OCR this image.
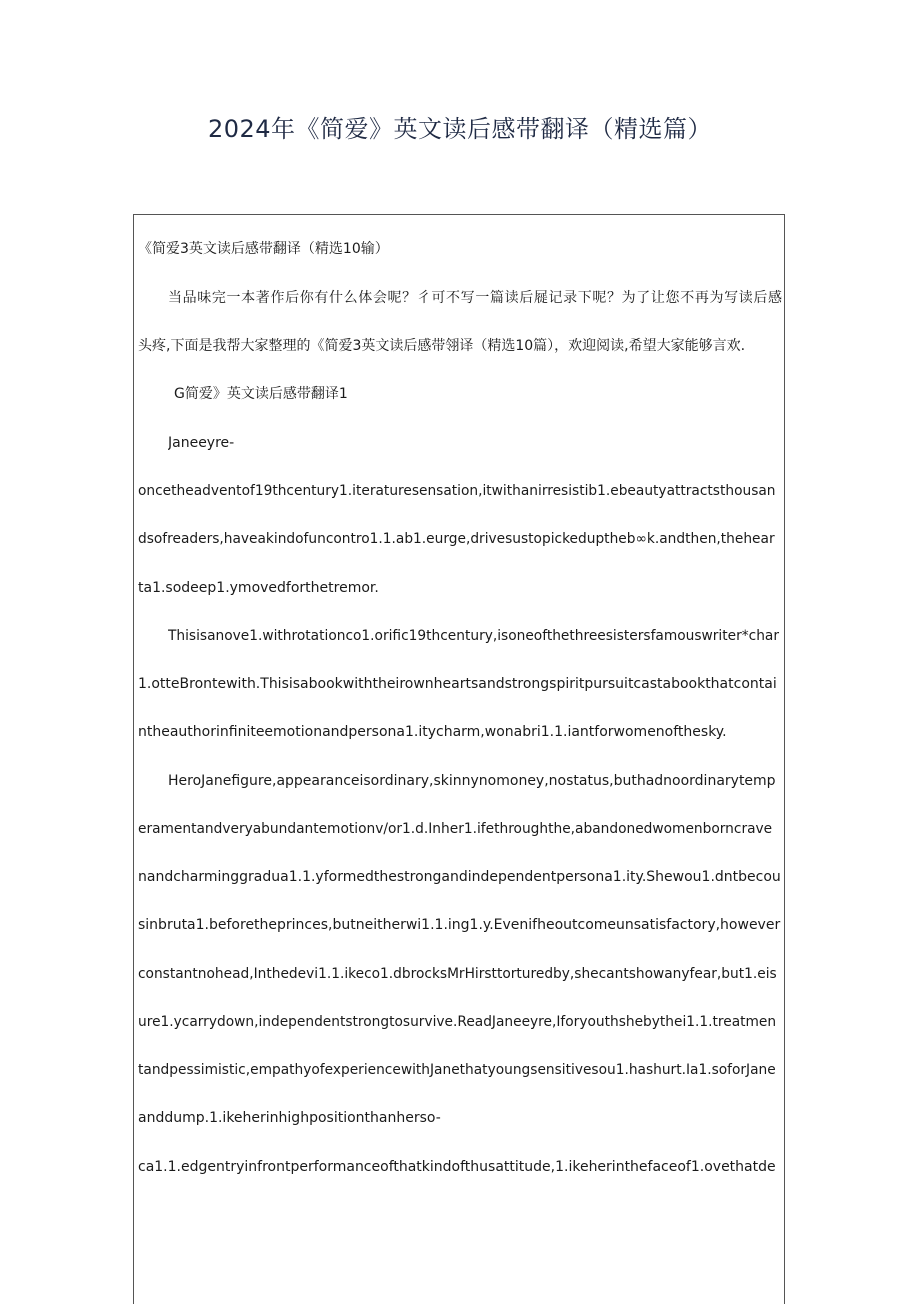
2024年《简爱》英文读后感带翻译（精选篇）
《简爱3英文读后感带翻译（精选10输）
当品味完一本著作后你有什么体会呢？彳可不写一篇读后屣记录下呢？为了让您不再为写读后感
头疼,下面是我帮大家整理的《简爱3英文读后感带翎译（精选10篇），欢迎阅读,希望大家能够言欢.
G简爱》英文读后感带翻译1
Janeeyre-
oncetheadventof19thcentury1.iteraturesensation,itwithanirresistib1.ebeautyattractsthousan
dsofreaders,haveakindofuncontro1.1.ab1.eurge,drivesustopickeduptheb∞k.andthen,thehear
ta1.sodeep1.ymovedforthetremor.
Thisisanove1.withrotationco1.orific19thcentury,isoneofthethreesistersfamouswriter*char
1.otteBrontewith.Thisisabookwiththeirownheartsandstrongspiritpursuitcastabookthatcontai
ntheauthorinfiniteemotionandpersona1.itycharm,wonabri1.1.iantforwomenofthesky.
HeroJanefigure,appearanceisordinary,skinnynomoney,nostatus,buthadnoordinarytemp
eramentandveryabundantemotionv/or1.d.Inher1.ifethroughthe,abandonedwomenborncrave
nandcharminggradua1.1.yformedthestrongandindependentpersona1.ity.Shewou1.dntbecou
sinbruta1.beforetheprinces,butneitherwi1.1.ing1.y.Evenifheoutcomeunsatisfactory,however
constantnohead,Inthedevi1.1.ikeco1.dbrocksMrHirsttorturedby,shecantshowanyfear,but1.eis
ure1.ycarrydown,independentstrongtosurvive.ReadJaneeyre,Iforyouthshebythei1.1.treatmen
tandpessimistic,empathyofexperiencewithJanethatyoungsensitivesou1.hashurt.Ia1.soforJane
anddump.1.ikeherinhighpositionthanherso-
ca1.1.edgentryinfrontperformanceofthatkindofthusattitude,1.ikeherinthefaceof1.ovethatde
